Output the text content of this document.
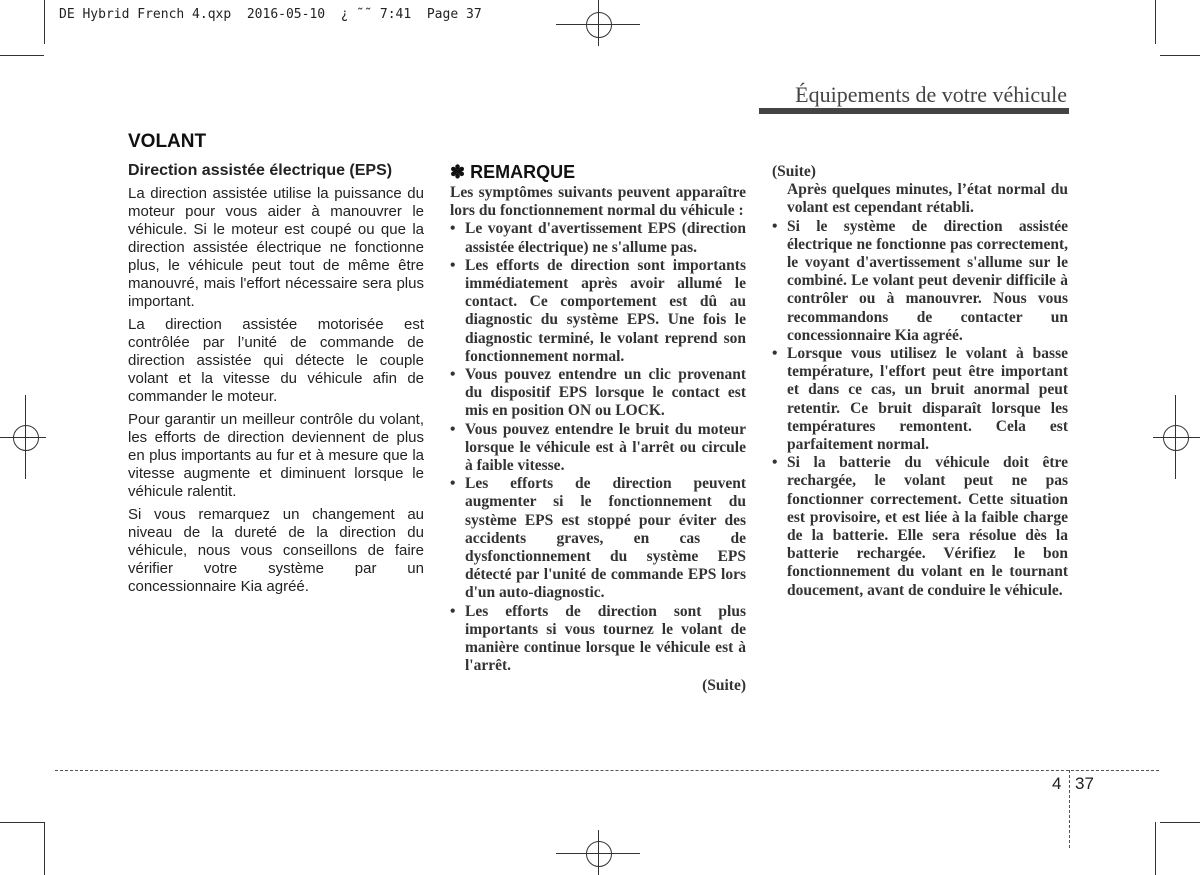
DE Hybrid French 4.qxp  2016-05-10  ¿ ˜˜ 7:41  Page 37
Équipements de votre véhicule
VOLANT
Direction assistée électrique (EPS)

La direction assistée utilise la puissance du moteur pour vous aider à manouvrer le véhicule. Si le moteur est coupé ou que la direction assistée électrique ne fonctionne plus, le véhicule peut tout de même être manouvré, mais l'effort nécessaire sera plus important.

La direction assistée motorisée est contrôlée par l’unité de commande de direction assistée qui détecte le couple volant et la vitesse du véhicule afin de commander le moteur.

Pour garantir un meilleur contrôle du volant, les efforts de direction deviennent de plus en plus importants au fur et à mesure que la vitesse augmente et diminuent lorsque le véhicule ralentit.

Si vous remarquez un changement au niveau de la dureté de la direction du véhicule, nous vous conseillons de faire vérifier votre système par un concessionnaire Kia agréé.

✽ REMARQUE

Les symptômes suivants peuvent apparaître lors du fonctionnement normal du véhicule :

• Le voyant d'avertissement EPS (direction assistée électrique) ne s'allume pas.
• Les efforts de direction sont importants immédiatement après avoir allumé le contact. Ce comportement est dû au diagnostic du système EPS. Une fois le diagnostic terminé, le volant reprend son fonctionnement normal.
• Vous pouvez entendre un clic provenant du dispositif EPS lorsque le contact est mis en position ON ou LOCK.
• Vous pouvez entendre le bruit du moteur lorsque le véhicule est à l'arrêt ou circule à faible vitesse.
• Les efforts de direction peuvent augmenter si le fonctionnement du système EPS est stoppé pour éviter des accidents graves, en cas de dysfonctionnement du système EPS détecté par l'unité de commande EPS lors d'un auto-diagnostic.
• Les efforts de direction sont plus importants si vous tournez le volant de manière continue lorsque le véhicule est à l'arrêt.
(Suite)
(Suite)

Après quelques minutes, l’état normal du volant est cependant rétabli.

• Si le système de direction assistée électrique ne fonctionne pas correctement, le voyant d'avertissement s'allume sur le combiné. Le volant peut devenir difficile à contrôler ou à manouvrer. Nous vous recommandons de contacter un concessionnaire Kia agréé.
• Lorsque vous utilisez le volant à basse température, l'effort peut être important et dans ce cas, un bruit anormal peut retentir. Ce bruit disparaît lorsque les températures remontent. Cela est parfaitement normal.
• Si la batterie du véhicule doit être rechargée, le volant peut ne pas fonctionner correctement. Cette situation est provisoire, et est liée à la faible charge de la batterie. Elle sera résolue dès la batterie rechargée. Vérifiez le bon fonctionnement du volant en le tournant doucement, avant de conduire le véhicule.
4 37
